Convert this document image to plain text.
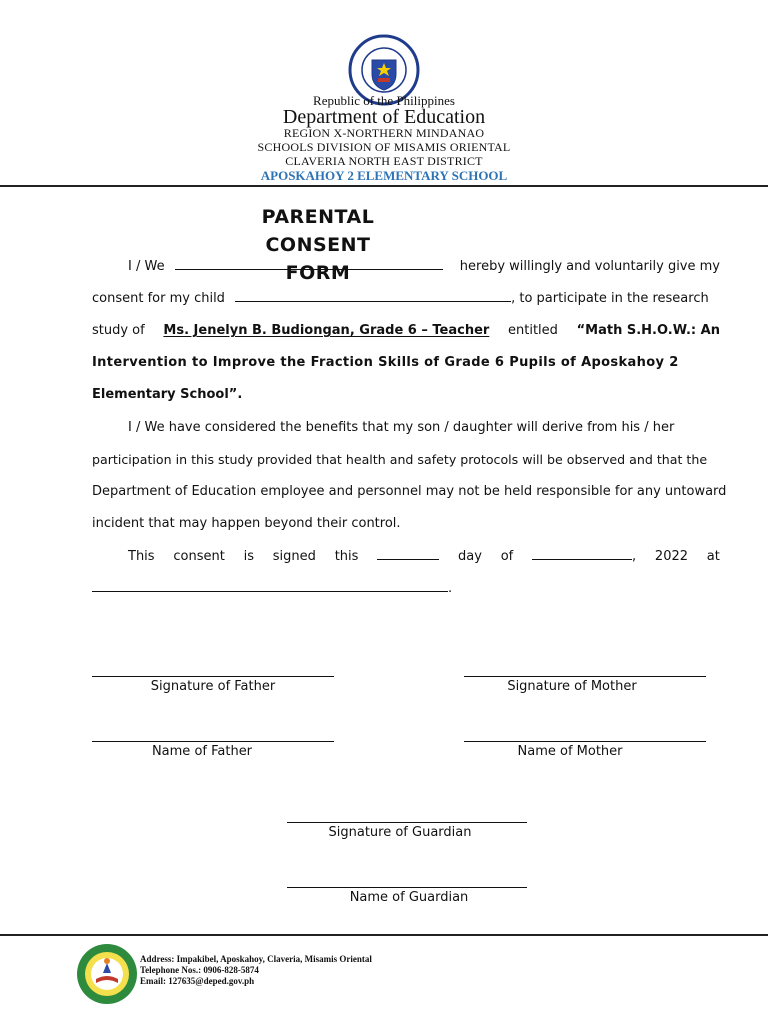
Republic of the Philippines
Department of Education
REGION X-NORTHERN MINDANAO
SCHOOLS DIVISION OF MISAMIS ORIENTAL
CLAVERIA NORTH EAST DISTRICT
APOSKAHOY 2 ELEMENTARY SCHOOL
PARENTAL
CONSENT
FORM
I / We	hereby willingly and voluntarily give my
consent for my child	, to participate in the research
study of Ms. Jenelyn B. Budiongan, Grade 6 – Teacher entitled “Math S.H.O.W.: An
Intervention to Improve the Fraction Skills of Grade 6 Pupils of Aposkahoy 2
Elementary School”.
I / We have considered the benefits that my son / daughter will derive from his / her
participation in this study provided that health and safety protocols will be observed and that the
Department of Education employee and personnel may not be held responsible for any untoward
incident that may happen beyond their control.
This consent is signed this	day of	, 2022 at
.
Signature of Father	Signature of Mother
Name of Father	Name of Mother
Signature of Guardian
Name of Guardian
Address: Impakibel, Aposkahoy, Claveria, Misamis Oriental
Telephone Nos.: 0906-828-5874
Email: 127635@deped.gov.ph
